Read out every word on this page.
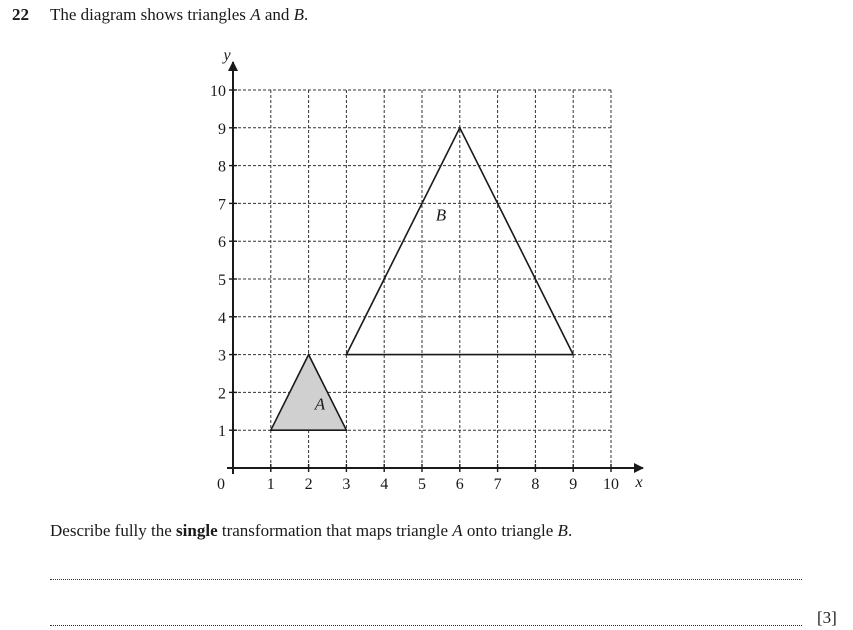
22 The diagram shows triangles A and B.
A
B
1 2 3 4 5 6 7 8 9 10
1
2
3
4
5
6
7
8
9
10
0	x
y
Describe fully the single transformation that maps triangle A onto triangle B.
[3]
